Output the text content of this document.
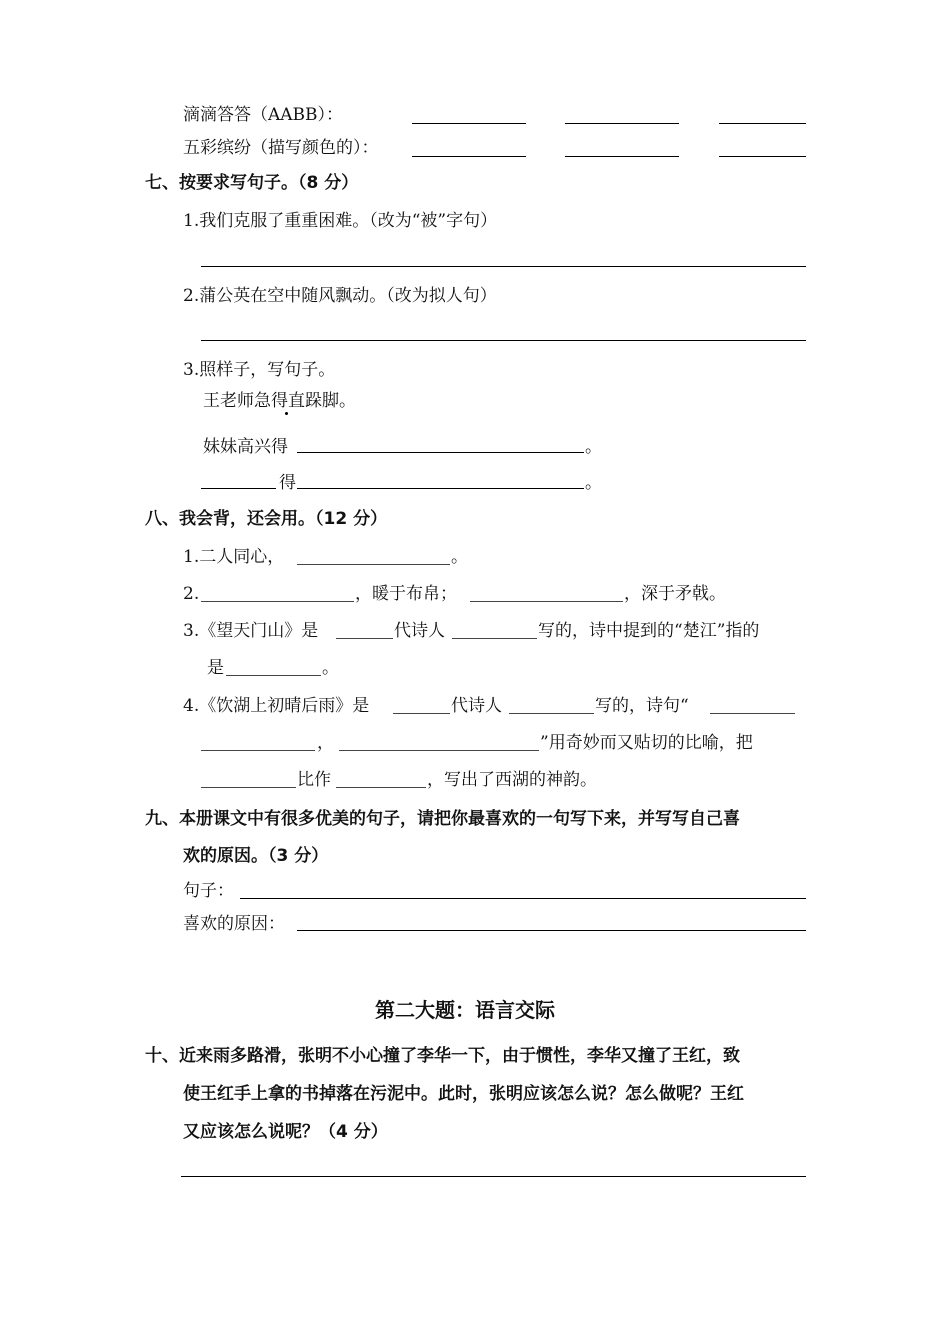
滴滴答答（AABB）：
五彩缤纷（描写颜色的）：
七、按要求写句子。（8 分）
1.我们克服了重重困难。（改为“被”字句）
2.蒲公英在空中随风飘动。（改为拟人句）
3.照样子，写句子。
王老师急得直跺脚。
妹妹高兴得	。
得	。
八、我会背，还会用。（12 分）
1.二人同心，	。
2.	，暖于布帛；	，深于矛戟。
3.《望天门山》是	代诗人	写的，诗中提到的“楚江”指的
是	。
4.《饮湖上初晴后雨》是	代诗人	写的，诗句“
，	”用奇妙而又贴切的比喻，把
比作	，写出了西湖的神韵。
九、本册课文中有很多优美的句子，请把你最喜欢的一句写下来，并写写自己喜
欢的原因。（3 分）
句子：
喜欢的原因：
第二大题：语言交际
十、近来雨多路滑，张明不小心撞了李华一下，由于惯性，李华又撞了王红，致
使王红手上拿的书掉落在污泥中。此时，张明应该怎么说？怎么做呢？王红
又应该怎么说呢？（4 分）
